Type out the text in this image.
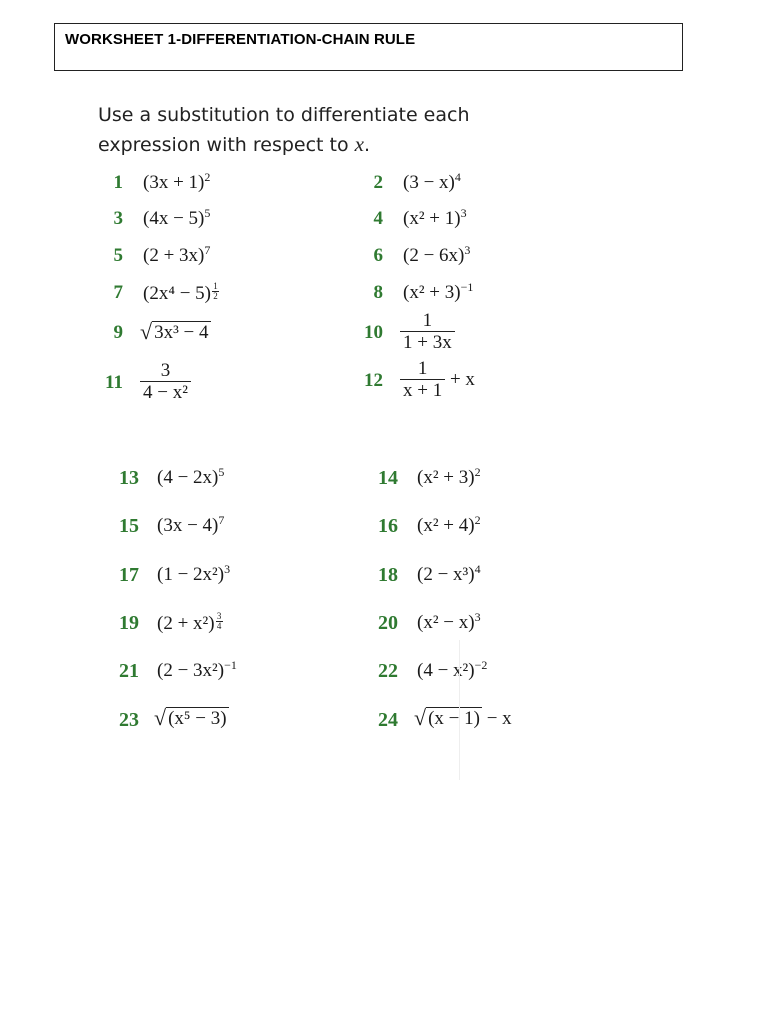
WORKSHEET 1-DIFFERENTIATION-CHAIN RULE
Use a substitution to differentiate each
expression with respect to x.
1 $(3x + 1)^2$	2 $(3 - x)^4$
3 $(4x - 5)^5$	4 $(x^2 + 1)^3$
5 $(2 + 3x)^7$	6 $(2 - 6x)^3$
7 $(2x^4 - 5) \frac{1}{2}$	8 $(x^2 + 3)^{-1}$
9 √ 3x³ − 4	$10 \frac{1}{1 + 3x}$
$11 \frac{3}{\text{4 − x²}}$	$12 \frac{1}{x + 1} + x$
13 $(4 - 2x)^5$	14 $(x^2 + 3)^2$
15 $(3x - 4)^7$	16 $(x^2 + 4)^2$
17 $(1 - 2x^2)^3$	18 $(2 - x^3)^4$
19 $(2 + x^2) \frac{3}{4}$	20 $(x^2 - x)^3$
21 $(2 - 3x^2)^{-1}$	22 $(4 - x^2)^{-2}$
23 √ (x⁵ − 3)	24 √ (x − 1) − x
